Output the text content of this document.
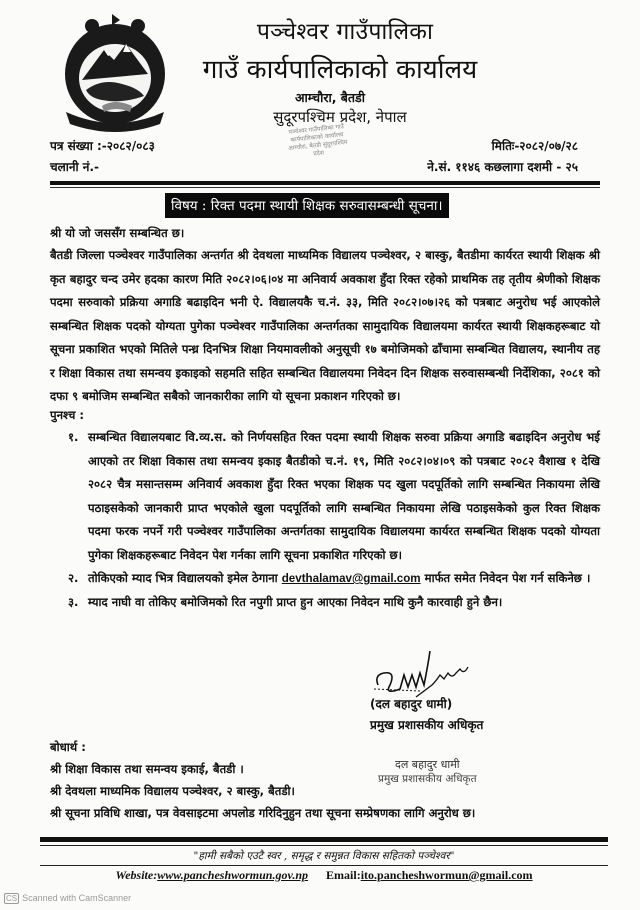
पञ्चेश्वर गाउँपालिका
गाउँ कार्यपालिकाको कार्यालय
आम्चौरा, बैतडी
सुदूरपश्चिम प्रदेश, नेपाल
पञ्चेश्वर गाउँपालिका गाउँ कार्यपालिकाको कार्यालय आम्चौरा, बैतडी सुदूरपश्चिम प्रदेश
पत्र संख्या :-२०८२/०८३
चलानी नं.-
मितिः-२०८२/०७/२८
ने.सं. ११४६ कछलागा दशमी - २५
विषय : रिक्त पदमा स्थायी शिक्षक सरुवासम्बन्धी सूचना।
श्री यो जो जससँग सम्बन्धित छ।
बैतडी जिल्ला पञ्चेश्वर गाउँपालिका अन्तर्गत श्री देवथला माध्यमिक विद्यालय पञ्चेश्वर, २ बास्कु, बैतडीमा कार्यरत स्थायी शिक्षक श्री कृत बहादुर चन्द उमेर हदका कारण मिति २०८२।०६।०४ मा अनिवार्य अवकाश हुँदा रिक्त रहेको प्राथमिक तह तृतीय श्रेणीको शिक्षक पदमा सरुवाको प्रक्रिया अगाडि बढाइदिन भनी ऐ. विद्यालयकै च.नं. ३३, मिति २०८२।०७।२६ को पत्रबाट अनुरोध भई आएकोले सम्बन्धित शिक्षक पदको योग्यता पुगेका पञ्चेश्वर गाउँपालिका अन्तर्गतका सामुदायिक विद्यालयमा कार्यरत स्थायी शिक्षकहरूबाट यो सूचना प्रकाशित भएको मितिले पन्ध्र दिनभित्र शिक्षा नियमावलीको अनुसूची १७ बमोजिमको ढाँचामा सम्बन्धित विद्यालय, स्थानीय तह र शिक्षा विकास तथा समन्वय इकाइको सहमति सहित सम्बन्धित विद्यालयमा निवेदन दिन शिक्षक सरुवासम्बन्धी निर्देशिका, २०८१ को दफा ९ बमोजिम सम्बन्धित सबैको जानकारीका लागि यो सूचना प्रकाशन गरिएको छ।
पुनश्च :
१. सम्बन्धित विद्यालयबाट वि.व्य.स. को निर्णयसहित रिक्त पदमा स्थायी शिक्षक सरुवा प्रक्रिया अगाडि बढाइदिन अनुरोध भई आएको तर शिक्षा विकास तथा समन्वय इकाइ बैतडीको च.नं. १९, मिति २०८२।०४।०९ को पत्रबाट २०८२ वैशाख १ देखि २०८२ चैत्र मसान्तसम्म अनिवार्य अवकाश हुँदा रिक्त भएका शिक्षक पद खुला पदपूर्तिको लागि सम्बन्धित निकायमा लेखि पठाइसकेको जानकारी प्राप्त भएकोले खुला पदपूर्तिको लागि सम्बन्धित निकायमा लेखि पठाइसकेको कुल रिक्त शिक्षक पदमा फरक नपर्ने गरी पञ्चेश्वर गाउँपालिका अन्तर्गतका सामुदायिक विद्यालयमा कार्यरत सम्बन्धित शिक्षक पदको योग्यता पुगेका शिक्षकहरूबाट निवेदन पेश गर्नका लागि सूचना प्रकाशित गरिएको छ।
२. तोकिएको म्याद भित्र विद्यालयको इमेल ठेगाना devthalamav@gmail.com मार्फत समेत निवेदन पेश गर्न सकिनेछ ।
३. म्याद नाघी वा तोकिए बमोजिमको रित नपुगी प्राप्त हुन आएका निवेदन माथि कुनै कारवाही हुने छैन।
(दल बहादुर धामी)
प्रमुख प्रशासकीय अधिकृत
बोधार्थ :
श्री शिक्षा विकास तथा समन्वय इकाई, बैतडी ।
श्री देवथला माध्यमिक विद्यालय पञ्चेश्वर, २ बास्कु, बैतडी।
श्री सूचना प्रविधि शाखा, पत्र वेवसाइटमा अपलोड गरिदिनुहुन तथा सूचना सम्प्रेषणका लागि अनुरोध छ।
दल बहादुर धामी
प्रमुख प्रशासकीय अधिकृत
"हामी सबैको एउटै स्वर , समृद्ध र समुन्नत विकास सहितको पञ्चेश्वर"
Website:www.pancheshwormun.gov.np Email:ito.pancheshwormun@gmail.com
CS Scanned with CamScanner
